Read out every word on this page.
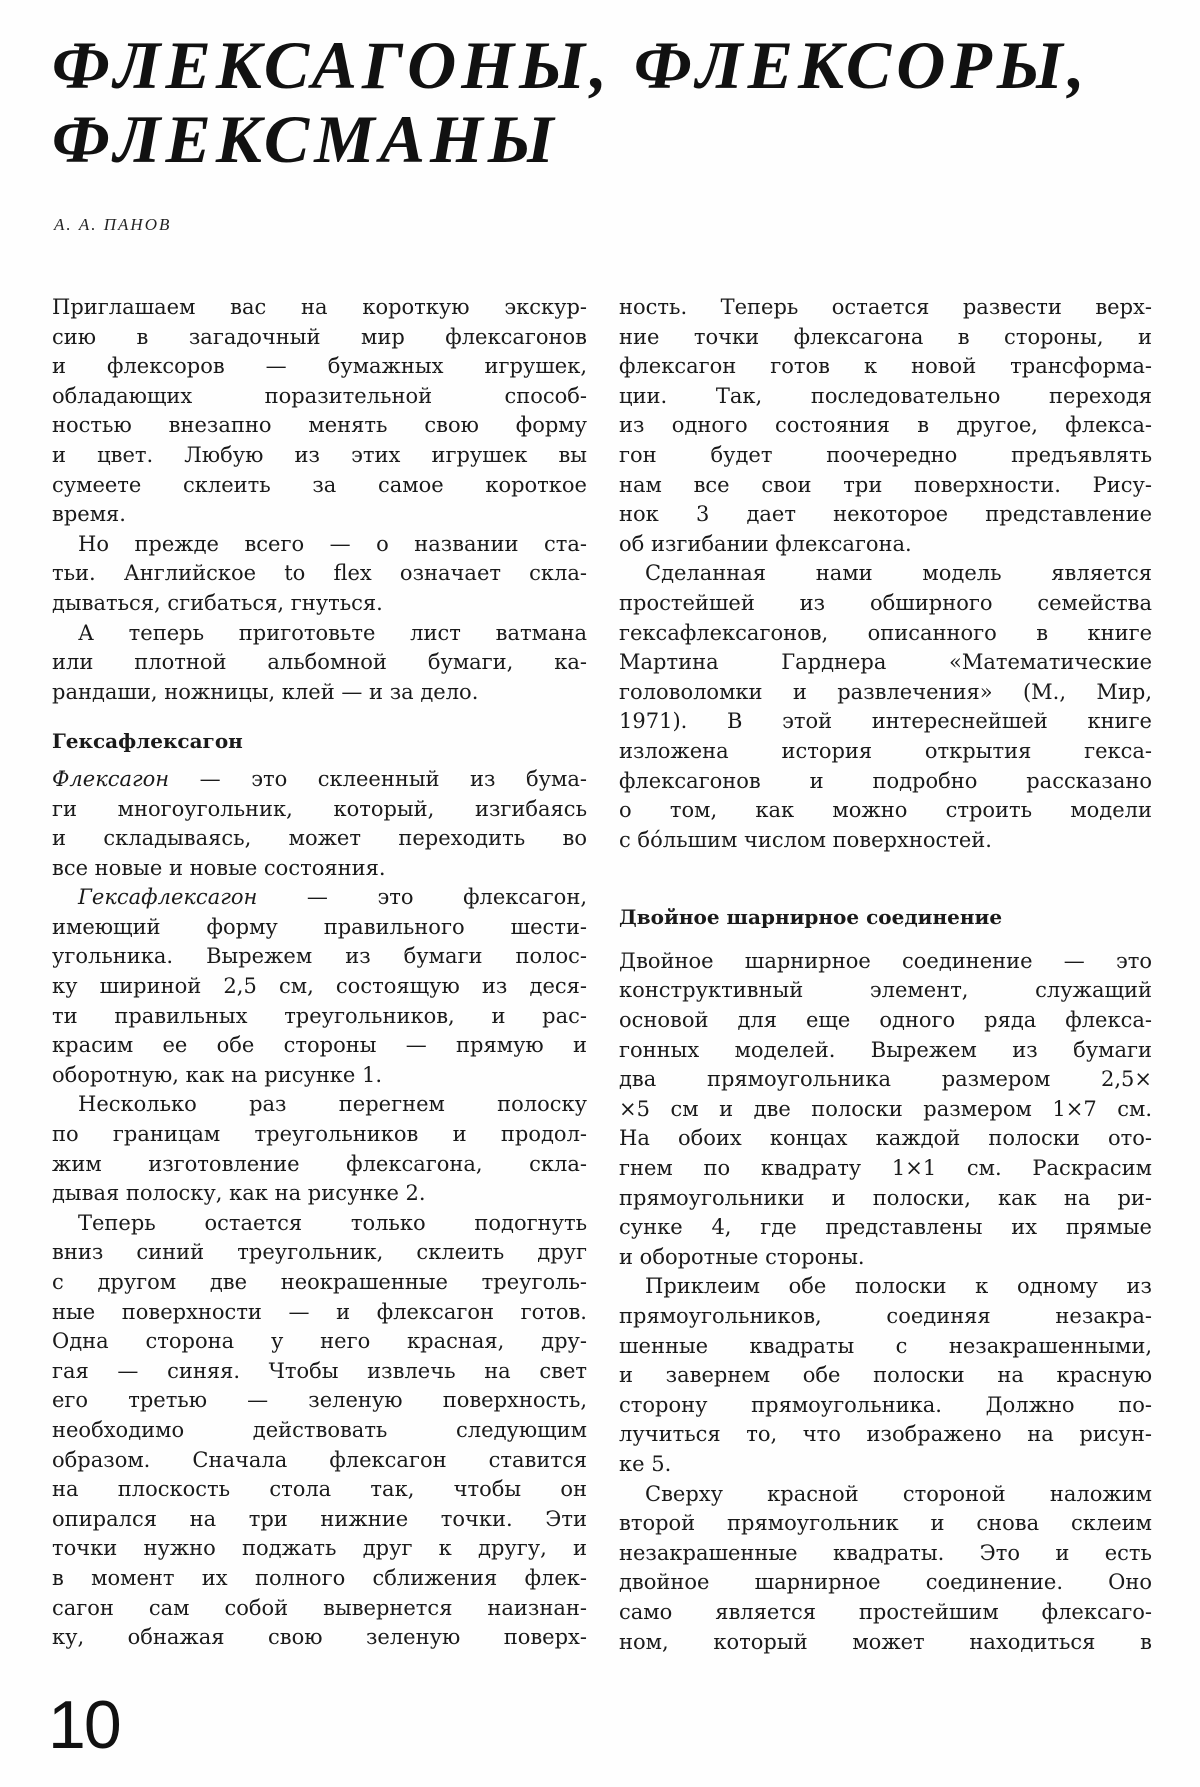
ФЛЕКСАГОНЫ, ФЛЕКСОРЫ,
ФЛЕКСМАНЫ
А. А. ПАНОВ
Приглашаем вас на короткую экскур-
сию в загадочный мир флексагонов
и флексоров — бумажных игрушек,
обладающих поразительной способ-
ностью внезапно менять свою форму
и цвет. Любую из этих игрушек вы
сумеете склеить за самое короткое
время.
Но прежде всего — о названии ста-
тьи. Английское to flex означает скла-
дываться, сгибаться, гнуться.
А теперь приготовьте лист ватмана
или плотной альбомной бумаги, ка-
рандаши, ножницы, клей — и за дело.
Гексафлексагон
Флексагон — это склеенный из бума-
ги многоугольник, который, изгибаясь
и складываясь, может переходить во
все новые и новые состояния.
Гексафлексагон — это флексагон,
имеющий форму правильного шести-
угольника. Вырежем из бумаги полос-
ку шириной 2,5 см, состоящую из деся-
ти правильных треугольников, и рас-
красим ее обе стороны — прямую и
оборотную, как на рисунке 1.
Несколько раз перегнем полоску
по границам треугольников и продол-
жим изготовление флексагона, скла-
дывая полоску, как на рисунке 2.
Теперь остается только подогнуть
вниз синий треугольник, склеить друг
с другом две неокрашенные треуголь-
ные поверхности — и флексагон готов.
Одна сторона у него красная, дру-
гая — синяя. Чтобы извлечь на свет
его третью — зеленую поверхность,
необходимо действовать следующим
образом. Сначала флексагон ставится
на плоскость стола так, чтобы он
опирался на три нижние точки. Эти
точки нужно поджать друг к другу, и
в момент их полного сближения флек-
сагон сам собой вывернется наизнан-
ку, обнажая свою зеленую поверх-
ность. Теперь остается развести верх-
ние точки флексагона в стороны, и
флексагон готов к новой трансформа-
ции. Так, последовательно переходя
из одного состояния в другое, флекса-
гон будет поочередно предъявлять
нам все свои три поверхности. Рису-
нок 3 дает некоторое представление
об изгибании флексагона.
Сделанная нами модель является
простейшей из обширного семейства
гексафлексагонов, описанного в книге
Мартина Гарднера «Математические
головоломки и развлечения» (М., Мир,
1971). В этой интереснейшей книге
изложена история открытия гекса-
флексагонов и подробно рассказано
о том, как можно строить модели
с бóльшим числом поверхностей.
Двойное шарнирное соединение
Двойное шарнирное соединение — это
конструктивный элемент, служащий
основой для еще одного ряда флекса-
гонных моделей. Вырежем из бумаги
два прямоугольника размером 2,5×
×5 см и две полоски размером 1×7 см.
На обоих концах каждой полоски ото-
гнем по квадрату 1×1 см. Раскрасим
прямоугольники и полоски, как на ри-
сунке 4, где представлены их прямые
и оборотные стороны.
Приклеим обе полоски к одному из
прямоугольников, соединяя незакра-
шенные квадраты с незакрашенными,
и завернем обе полоски на красную
сторону прямоугольника. Должно по-
лучиться то, что изображено на рисун-
ке 5.
Сверху красной стороной наложим
второй прямоугольник и снова склеим
незакрашенные квадраты. Это и есть
двойное шарнирное соединение. Оно
само является простейшим флексаго-
ном, который может находиться в
10
